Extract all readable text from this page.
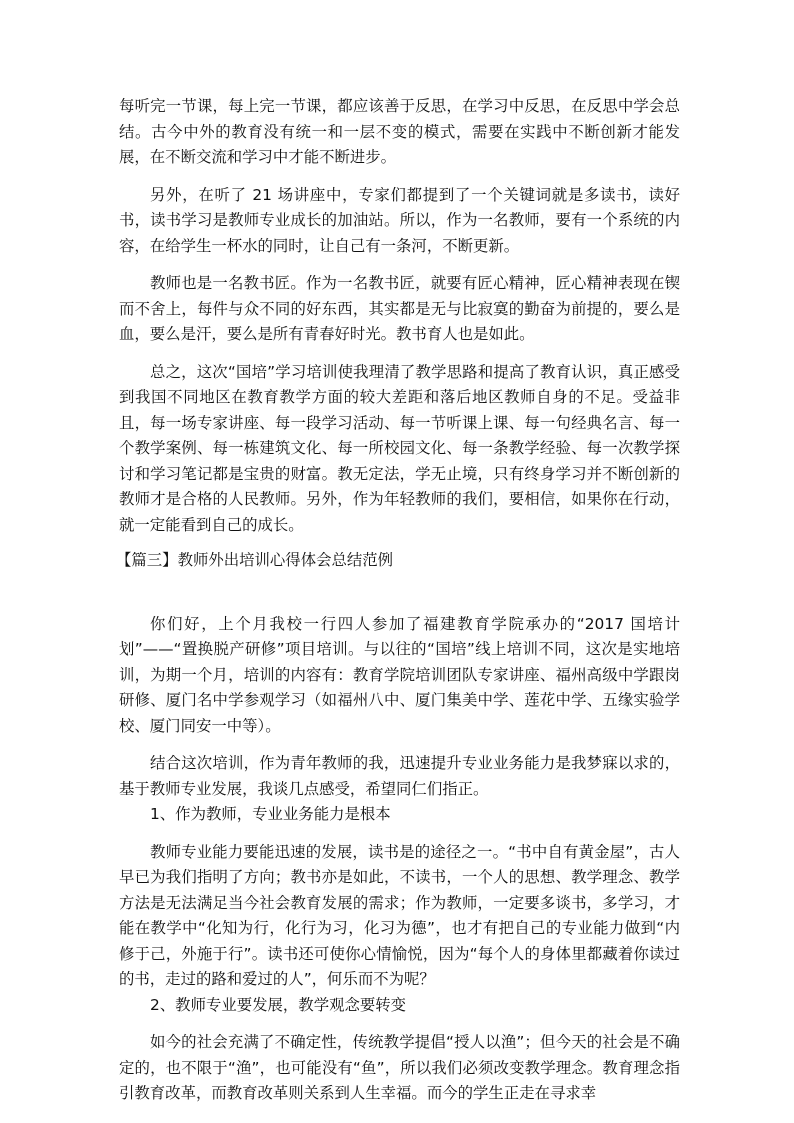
每听完一节课，每上完一节课，都应该善于反思，在学习中反思，在反思中学会总结。古今中外的教育没有统一和一层不变的模式，需要在实践中不断创新才能发展，在不断交流和学习中才能不断进步。

另外，在听了 21 场讲座中，专家们都提到了一个关键词就是多读书，读好书，读书学习是教师专业成长的加油站。所以，作为一名教师，要有一个系统的内容，在给学生一杯水的同时，让自己有一条河，不断更新。

教师也是一名教书匠。作为一名教书匠，就要有匠心精神，匠心精神表现在锲而不舍上，每件与众不同的好东西，其实都是无与比寂寞的勤奋为前提的，要么是血，要么是汗，要么是所有青春好时光。教书育人也是如此。

总之，这次“国培”学习培训使我理清了教学思路和提高了教育认识，真正感受到我国不同地区在教育教学方面的较大差距和落后地区教师自身的不足。受益非且，每一场专家讲座、每一段学习活动、每一节听课上课、每一句经典名言、每一个教学案例、每一栋建筑文化、每一所校园文化、每一条教学经验、每一次教学探讨和学习笔记都是宝贵的财富。教无定法，学无止境，只有终身学习并不断创新的教师才是合格的人民教师。另外，作为年轻教师的我们，要相信，如果你在行动，就一定能看到自己的成长。

【篇三】教师外出培训心得体会总结范例

你们好，上个月我校一行四人参加了福建教育学院承办的“2017 国培计划”——“置换脱产研修”项目培训。与以往的“国培”线上培训不同，这次是实地培训，为期一个月，培训的内容有：教育学院培训团队专家讲座、福州高级中学跟岗研修、厦门名中学参观学习（如福州八中、厦门集美中学、莲花中学、五缘实验学校、厦门同安一中等）。

结合这次培训，作为青年教师的我，迅速提升专业业务能力是我梦寐以求的，基于教师专业发展，我谈几点感受，希望同仁们指正。

1、作为教师，专业业务能力是根本

教师专业能力要能迅速的发展，读书是的途径之一。“书中自有黄金屋”，古人早已为我们指明了方向；教书亦是如此，不读书，一个人的思想、教学理念、教学方法是无法满足当今社会教育发展的需求；作为教师，一定要多谈书，多学习，才能在教学中“化知为行，化行为习，化习为德”，也才有把自己的专业能力做到“内修于己，外施于行”。读书还可使你心情愉悦，因为“每个人的身体里都藏着你读过的书，走过的路和爱过的人”，何乐而不为呢？

2、教师专业要发展，教学观念要转变

如今的社会充满了不确定性，传统教学提倡“授人以渔”；但今天的社会是不确定的，也不限于“渔”，也可能没有“鱼”，所以我们必须改变教学理念。教育理念指引教育改革，而教育改革则关系到人生幸福。而今的学生正走在寻求幸
